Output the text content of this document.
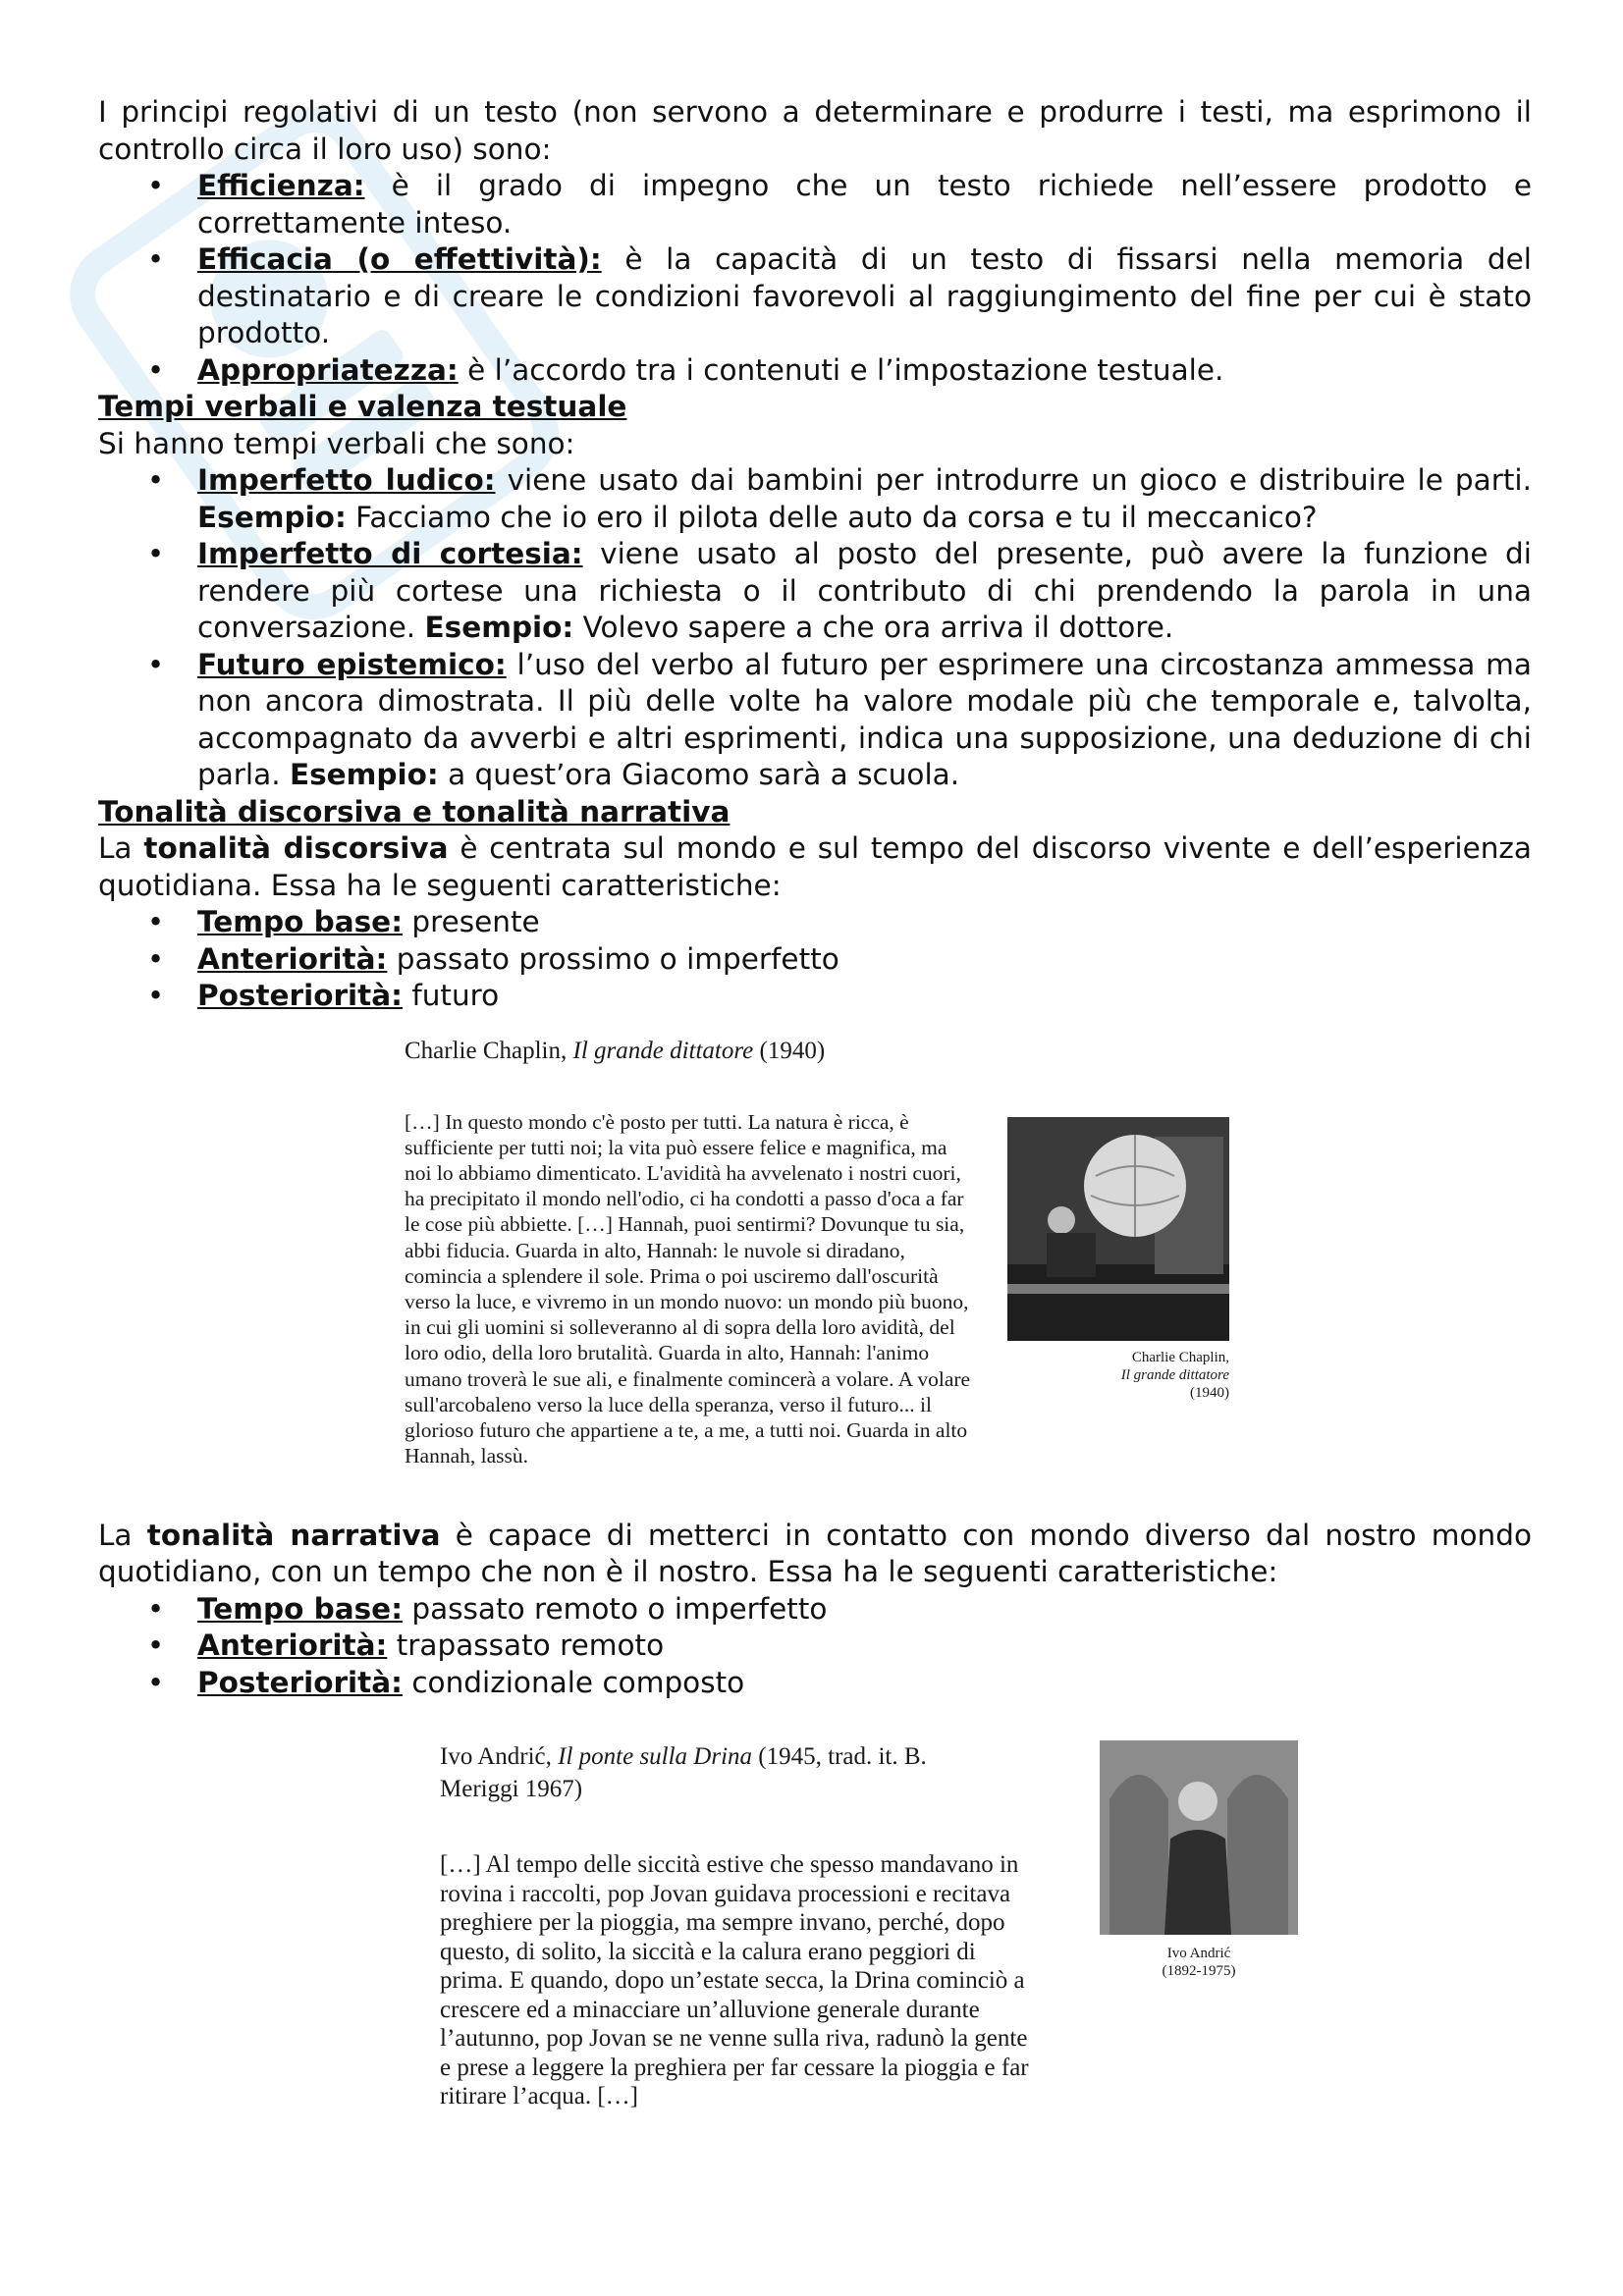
I principi regolativi di un testo (non servono a determinare e produrre i testi, ma esprimono il controllo circa il loro uso) sono:

• Efficienza: è il grado di impegno che un testo richiede nell’essere prodotto e correttamente inteso.
• Efficacia (o effettività): è la capacità di un testo di fissarsi nella memoria del destinatario e di creare le condizioni favorevoli al raggiungimento del fine per cui è stato prodotto.
• Appropriatezza: è l’accordo tra i contenuti e l’impostazione testuale.

Tempi verbali e valenza testuale

Si hanno tempi verbali che sono:

• Imperfetto ludico: viene usato dai bambini per introdurre un gioco e distribuire le parti. Esempio: Facciamo che io ero il pilota delle auto da corsa e tu il meccanico?
• Imperfetto di cortesia: viene usato al posto del presente, può avere la funzione di rendere più cortese una richiesta o il contributo di chi prendendo la parola in una conversazione. Esempio: Volevo sapere a che ora arriva il dottore.
• Futuro epistemico: l’uso del verbo al futuro per esprimere una circostanza ammessa ma non ancora dimostrata. Il più delle volte ha valore modale più che temporale e, talvolta, accompagnato da avverbi e altri esprimenti, indica una supposizione, una deduzione di chi parla. Esempio: a quest’ora Giacomo sarà a scuola.

Tonalità discorsiva e tonalità narrativa

La tonalità discorsiva è centrata sul mondo e sul tempo del discorso vivente e dell’esperienza quotidiana. Essa ha le seguenti caratteristiche:

• Tempo base: presente
• Anteriorità: passato prossimo o imperfetto
• Posteriorità: futuro
Charlie Chaplin, Il grande dittatore (1940)
[…] In questo mondo c'è posto per tutti. La natura è ricca, è sufficiente per tutti noi; la vita può essere felice e magnifica, ma noi lo abbiamo dimenticato. L'avidità ha avvelenato i nostri cuori, ha precipitato il mondo nell'odio, ci ha condotti a passo d'oca a far le cose più abbiette. […] Hannah, puoi sentirmi? Dovunque tu sia, abbi fiducia. Guarda in alto, Hannah: le nuvole si diradano, comincia a splendere il sole. Prima o poi usciremo dall'oscurità verso la luce, e vivremo in un mondo nuovo: un mondo più buono, in cui gli uomini si solleveranno al di sopra della loro avidità, del loro odio, della loro brutalità. Guarda in alto, Hannah: l'animo umano troverà le sue ali, e finalmente comincerà a volare. A volare sull'arcobaleno verso la luce della speranza, verso il futuro... il glorioso futuro che appartiene a te, a me, a tutti noi. Guarda in alto Hannah, lassù.
Charlie Chaplin,
Il grande dittatore
(1940)

La tonalità narrativa è capace di metterci in contatto con mondo diverso dal nostro mondo quotidiano, con un tempo che non è il nostro. Essa ha le seguenti caratteristiche:

• Tempo base: passato remoto o imperfetto
• Anteriorità: trapassato remoto
• Posteriorità: condizionale composto
Ivo Andrić, Il ponte sulla Drina (1945, trad. it. B. Meriggi 1967)
[…] Al tempo delle siccità estive che spesso mandavano in rovina i raccolti, pop Jovan guidava processioni e recitava preghiere per la pioggia, ma sempre invano, perché, dopo questo, di solito, la siccità e la calura erano peggiori di prima. E quando, dopo un’estate secca, la Drina cominciò a crescere ed a minacciare un’alluvione generale durante l’autunno, pop Jovan se ne venne sulla riva, radunò la gente e prese a leggere la preghiera per far cessare la pioggia e far ritirare l’acqua. […]
Ivo Andrić
(1892-1975)
